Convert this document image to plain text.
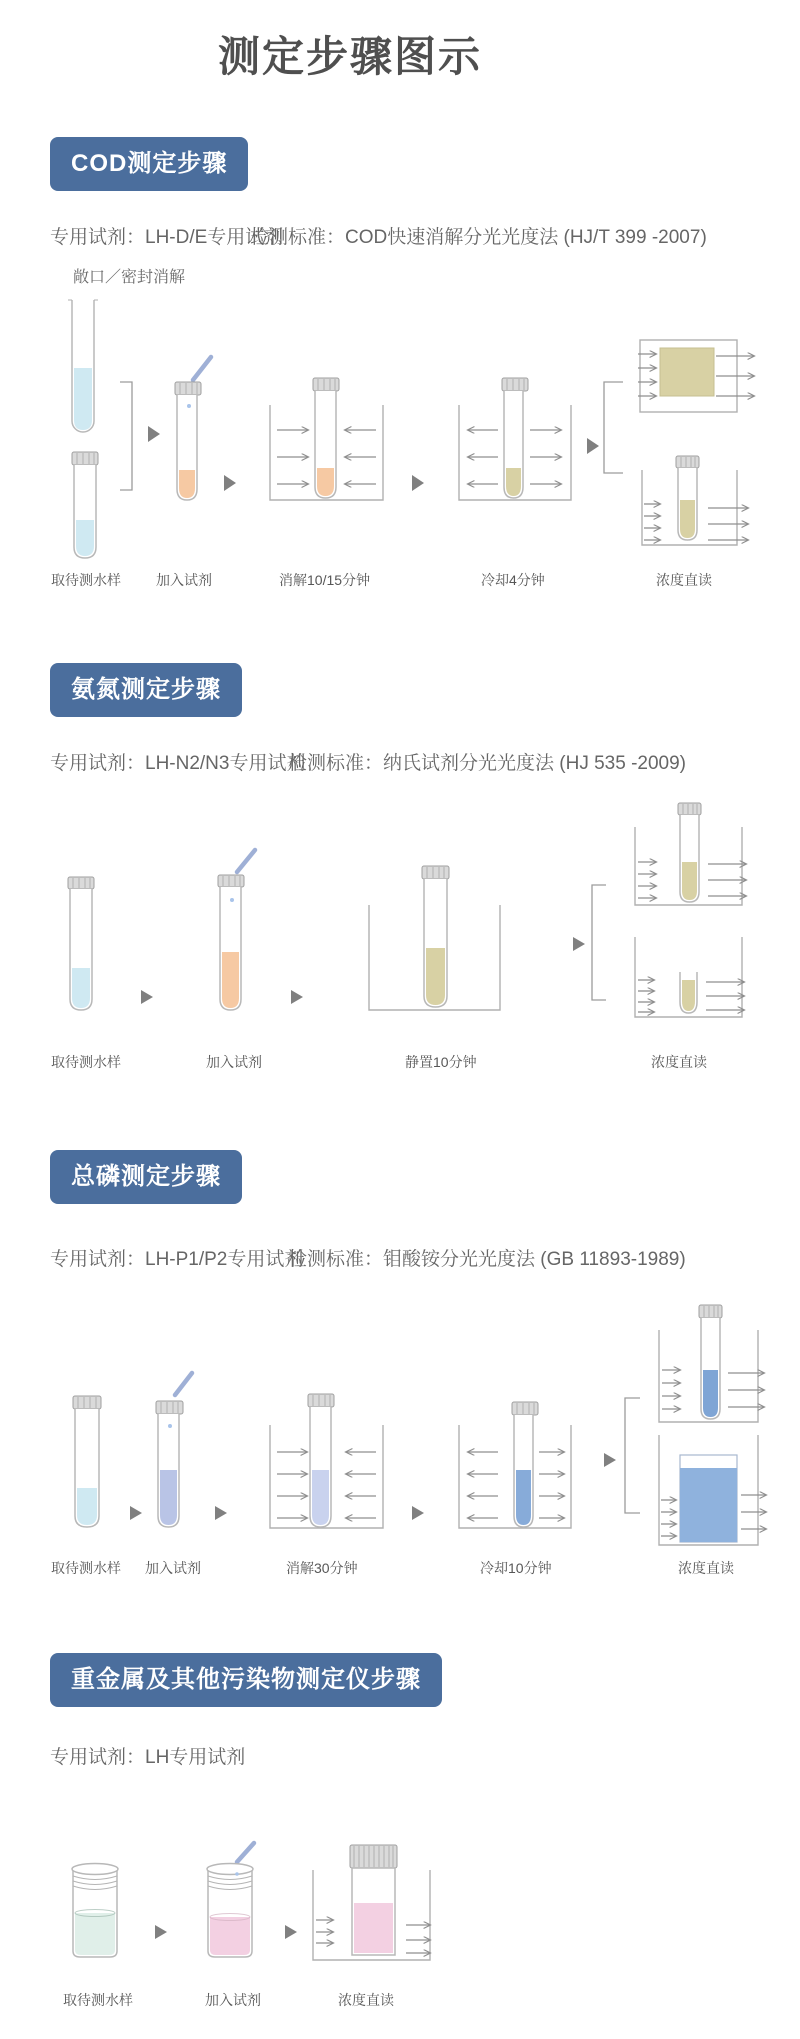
测定步骤图示
COD测定步骤
专用试剂：LH-D/E专用试剂
检测标准：COD快速消解分光光度法 (HJ/T 399 -2007)
敞口／密封消解
取待测水样	加入试剂	消解10/15分钟	冷却4分钟	浓度直读
氨氮测定步骤
专用试剂：LH-N2/N3专用试剂
检测标准：纳氏试剂分光光度法 (HJ 535 -2009)
取待测水样	加入试剂	静置10分钟	浓度直读
总磷测定步骤
专用试剂：LH-P1/P2专用试剂
检测标准：钼酸铵分光光度法 (GB 11893-1989)
取待测水样 加入试剂	消解30分钟	冷却10分钟	浓度直读
重金属及其他污染物测定仪步骤
专用试剂：LH专用试剂
取待测水样	加入试剂	浓度直读
